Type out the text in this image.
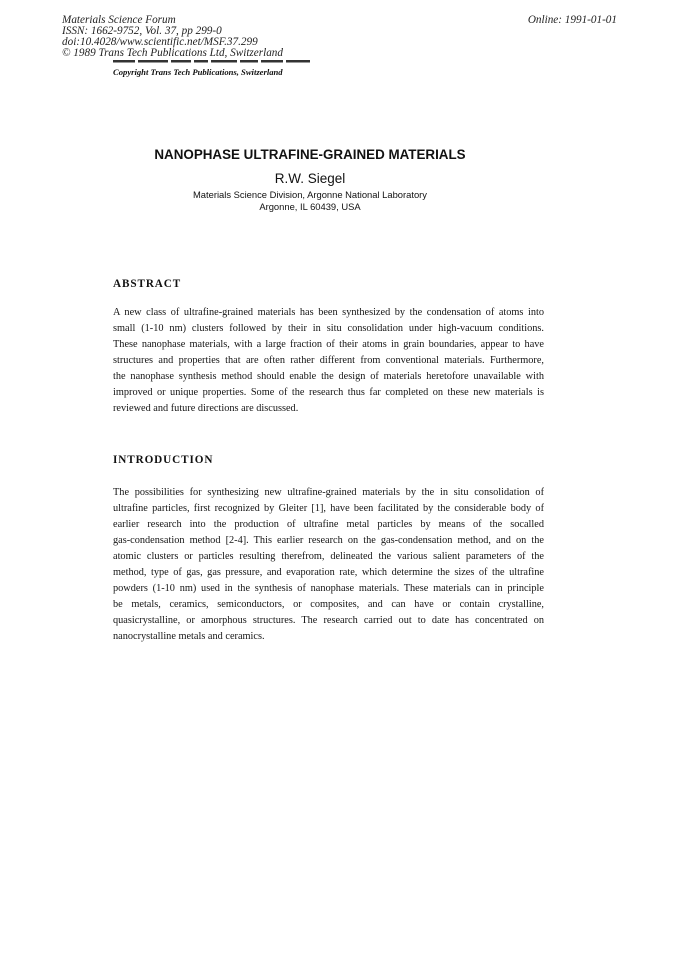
Materials Science Forum
ISSN: 1662-9752, Vol. 37, pp 299-0
doi:10.4028/www.scientific.net/MSF.37.299
© 1989 Trans Tech Publications Ltd, Switzerland
Online: 1991-01-01
Copyright Trans Tech Publications, Switzerland
NANOPHASE ULTRAFINE-GRAINED MATERIALS
R.W. Siegel
Materials Science Division, Argonne National Laboratory
Argonne, IL 60439, USA
ABSTRACT
A new class of ultrafine-grained materials has been synthesized by the condensation of atoms into
small (1-10 nm) clusters followed by their in situ consolidation under high-vacuum conditions.
These nanophase materials, with a large fraction of their atoms in grain boundaries, appear to have
structures and properties that are often rather different from conventional materials. Furthermore,
the nanophase synthesis method should enable the design of materials heretofore unavailable with
improved or unique properties. Some of the research thus far completed on these new materials is
reviewed and future directions are discussed.
INTRODUCTION
The possibilities for synthesizing new ultrafine-grained materials by the in situ consolidation of
ultrafine particles, first recognized by Gleiter [1], have been facilitated by the considerable body of
earlier research into the production of ultrafine metal particles by means of the socalled
gas-condensation method [2-4]. This earlier research on the gas-condensation method, and on the
atomic clusters or particles resulting therefrom, delineated the various salient parameters of the
method, type of gas, gas pressure, and evaporation rate, which determine the sizes of the ultrafine
powders (1-10 nm) used in the synthesis of nanophase materials. These materials can in principle
be metals, ceramics, semiconductors, or composites, and can have or contain crystalline,
quasicrystalline, or amorphous structures. The research carried out to date has concentrated on
nanocrystalline metals and ceramics.
